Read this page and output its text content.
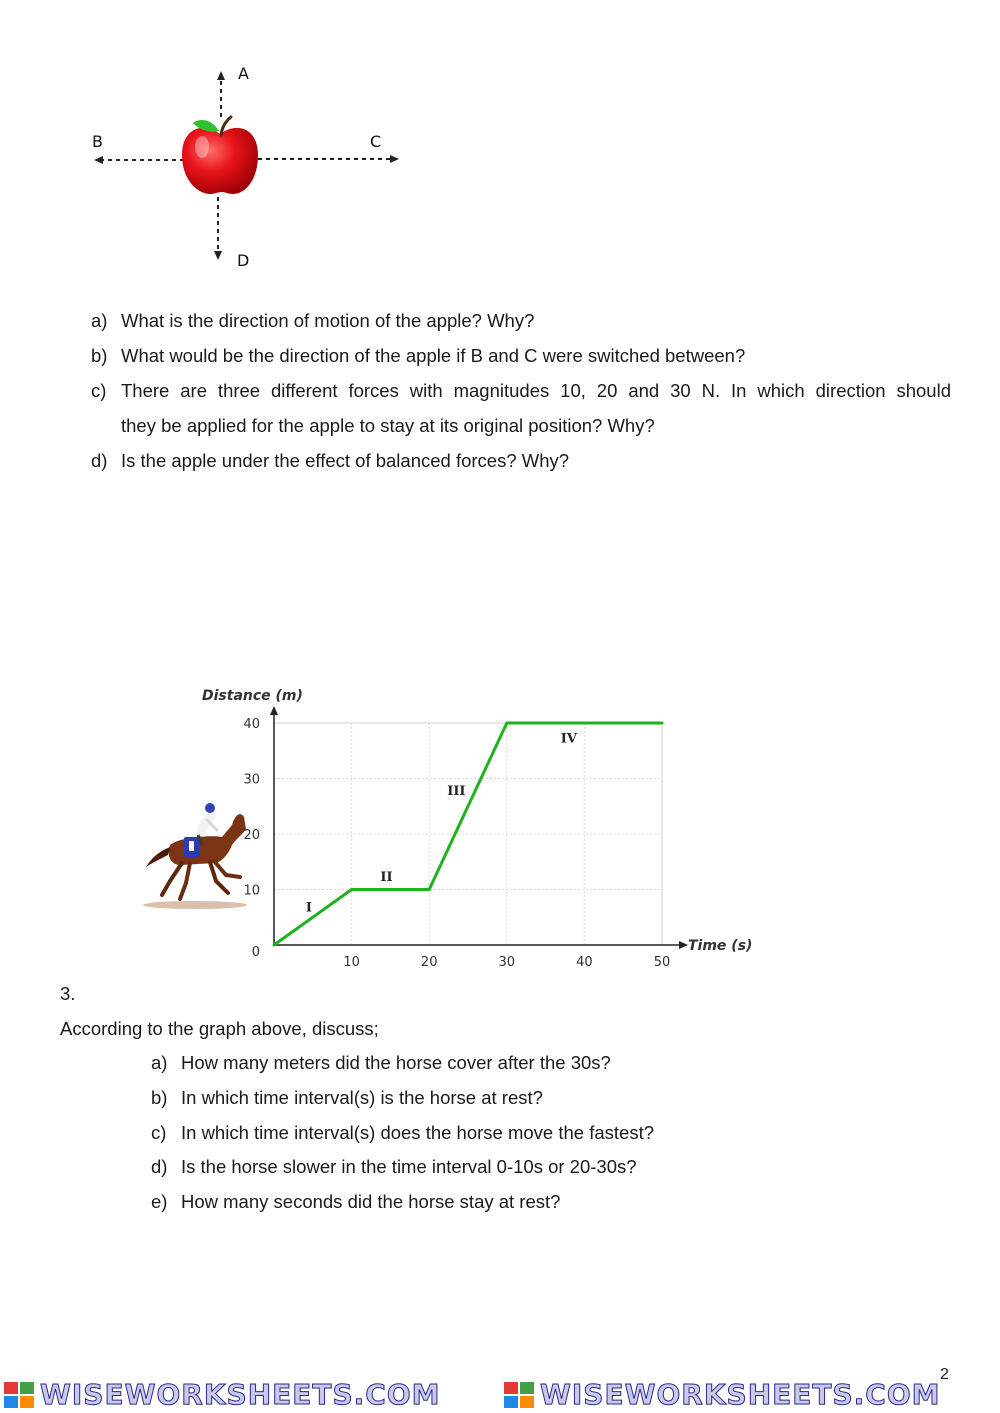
A
B	C
D
a) What is the direction of motion of the apple? Why?
b) What would be the direction of the apple if B and C were switched between?
c) There are three different forces with magnitudes 10, 20 and 30 N. In which direction should
they be applied for the apple to stay at its original position? Why?
d) Is the apple under the effect of balanced forces? Why?
0
10
20
30
40
10	20	30	40	50
I
II
III
IV
Distance (m)
Time (s)
3.
According to the graph above, discuss;
a) How many meters did the horse cover after the 30s?
b) In which time interval(s) is the horse at rest?
c) In which time interval(s) does the horse move the fastest?
d) Is the horse slower in the time interval 0-10s or 20-30s?
e) How many seconds did the horse stay at rest?
2
WISEWORKSHEETS.COM	WISEWORKSHEETS.COM
